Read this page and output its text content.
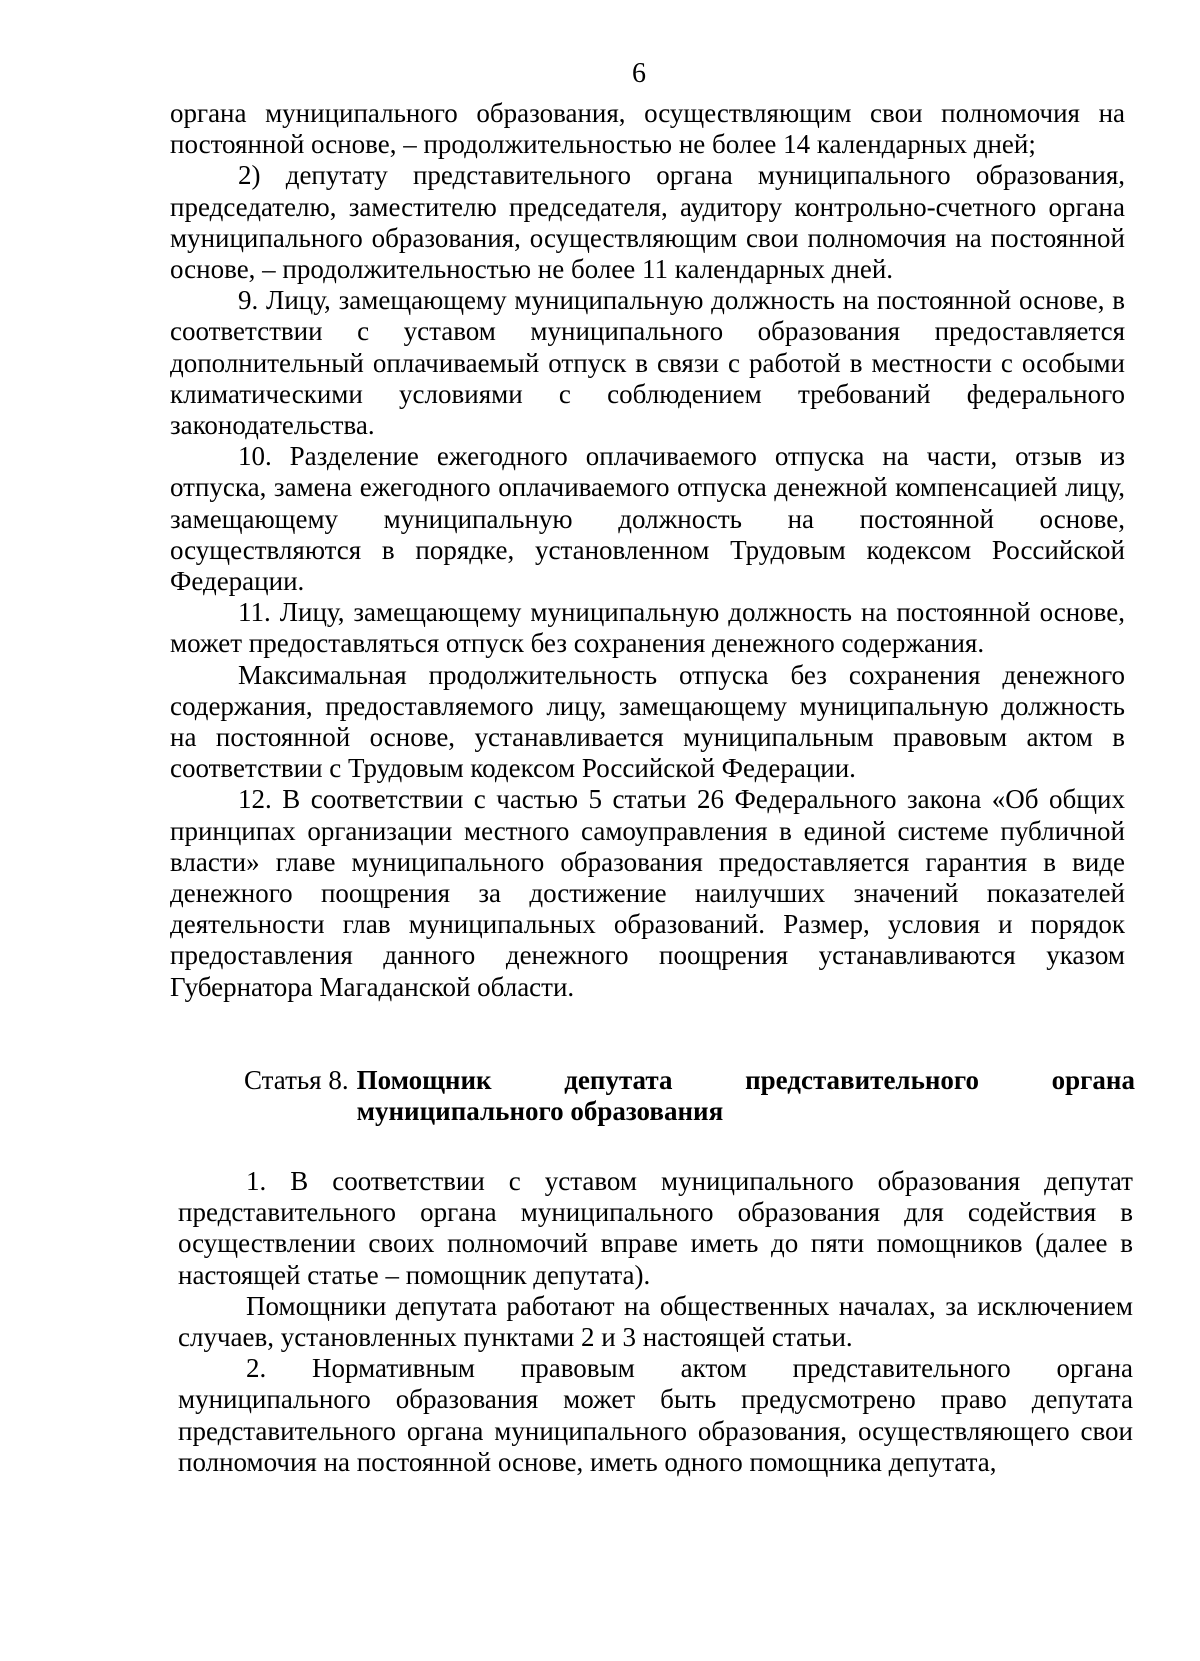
6

органа муниципального образования, осуществляющим свои полномочия на постоянной основе, – продолжительностью не более 14 календарных дней;

2) депутату представительного органа муниципального образования, председателю, заместителю председателя, аудитору контрольно-счетного органа муниципального образования, осуществляющим свои полномочия на постоянной основе, – продолжительностью не более 11 календарных дней.

9. Лицу, замещающему муниципальную должность на постоянной основе, в соответствии с уставом муниципального образования предоставляется дополнительный оплачиваемый отпуск в связи с работой в местности с особыми климатическими условиями с соблюдением требований федерального законодательства.

10. Разделение ежегодного оплачиваемого отпуска на части, отзыв из отпуска, замена ежегодного оплачиваемого отпуска денежной компенсацией лицу, замещающему муниципальную должность на постоянной основе, осуществляются в порядке, установленном Трудовым кодексом Российской Федерации.

11. Лицу, замещающему муниципальную должность на постоянной основе, может предоставляться отпуск без сохранения денежного содержания.

Максимальная продолжительность отпуска без сохранения денежного содержания, предоставляемого лицу, замещающему муниципальную должность на постоянной основе, устанавливается муниципальным правовым актом в соответствии с Трудовым кодексом Российской Федерации.

12. В соответствии с частью 5 статьи 26 Федерального закона «Об общих принципах организации местного самоуправления в единой системе публичной власти» главе муниципального образования предоставляется гарантия в виде денежного поощрения за достижение наилучших значений показателей деятельности глав муниципальных образований. Размер, условия и порядок предоставления данного денежного поощрения устанавливаются указом Губернатора Магаданской области.

Статья 8. Помощник	депутата	представительного	органа
муниципального образования

1. В соответствии с уставом муниципального образования депутат представительного органа муниципального образования для содействия в осуществлении своих полномочий вправе иметь до пяти помощников (далее в настоящей статье – помощник депутата).

Помощники депутата работают на общественных началах, за исключением случаев, установленных пунктами 2 и 3 настоящей статьи.

2. Нормативным правовым актом представительного органа муниципального образования может быть предусмотрено право депутата представительного органа муниципального образования, осуществляющего свои полномочия на постоянной основе, иметь одного помощника депутата,
